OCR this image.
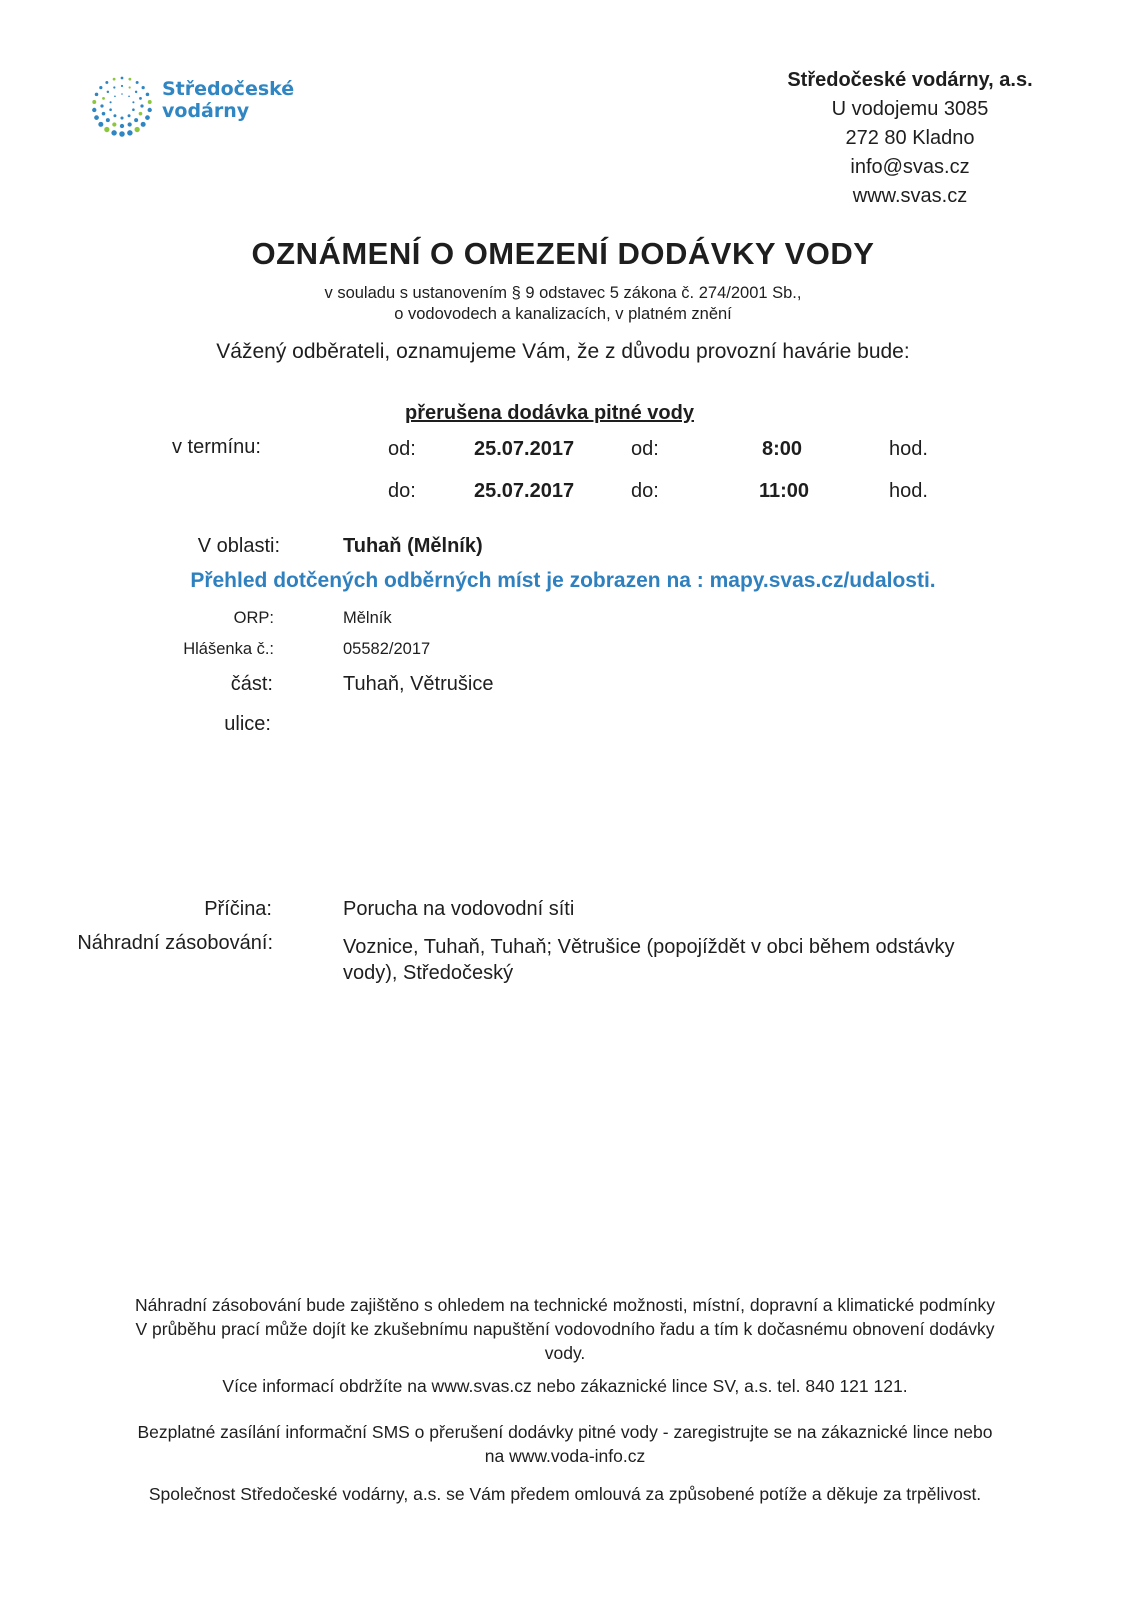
Středočeské
vodárny
Středočeské vodárny, a.s.
U vodojemu 3085
272 80 Kladno
info@svas.cz
www.svas.cz
OZNÁMENÍ O OMEZENÍ DODÁVKY VODY
v souladu s ustanovením § 9 odstavec 5 zákona č. 274/2001 Sb.,
o vodovodech a kanalizacích, v platném znění
Vážený odběrateli, oznamujeme Vám, že z důvodu provozní havárie bude:
přerušena dodávka pitné vody
v termínu:	od:	25.07.2017	od:	8:00	hod.
do:	25.07.2017	do:	11:00	hod.
V oblasti:	Tuhaň (Mělník)
Přehled dotčených odběrných míst je zobrazen na : mapy.svas.cz/udalosti.
ORP:	Mělník
Hlášenka č.:	05582/2017
část:	Tuhaň, Větrušice
ulice:
Příčina:	Porucha na vodovodní síti
Náhradní zásobování:	Voznice, Tuhaň, Tuhaň; Větrušice (popojíždět v obci během odstávky
vody), Středočeský
Náhradní zásobování bude zajištěno s ohledem na technické možnosti, místní, dopravní a klimatické podmínky
V průběhu prací může dojít ke zkušebnímu napuštění vodovodního řadu a tím k dočasnému obnovení dodávky
vody.
Více informací obdržíte na www.svas.cz nebo zákaznické lince SV, a.s. tel. 840 121 121.
Bezplatné zasílání informační SMS o přerušení dodávky pitné vody - zaregistrujte se na zákaznické lince nebo
na www.voda-info.cz
Společnost Středočeské vodárny, a.s. se Vám předem omlouvá za způsobené potíže a děkuje za trpělivost.
